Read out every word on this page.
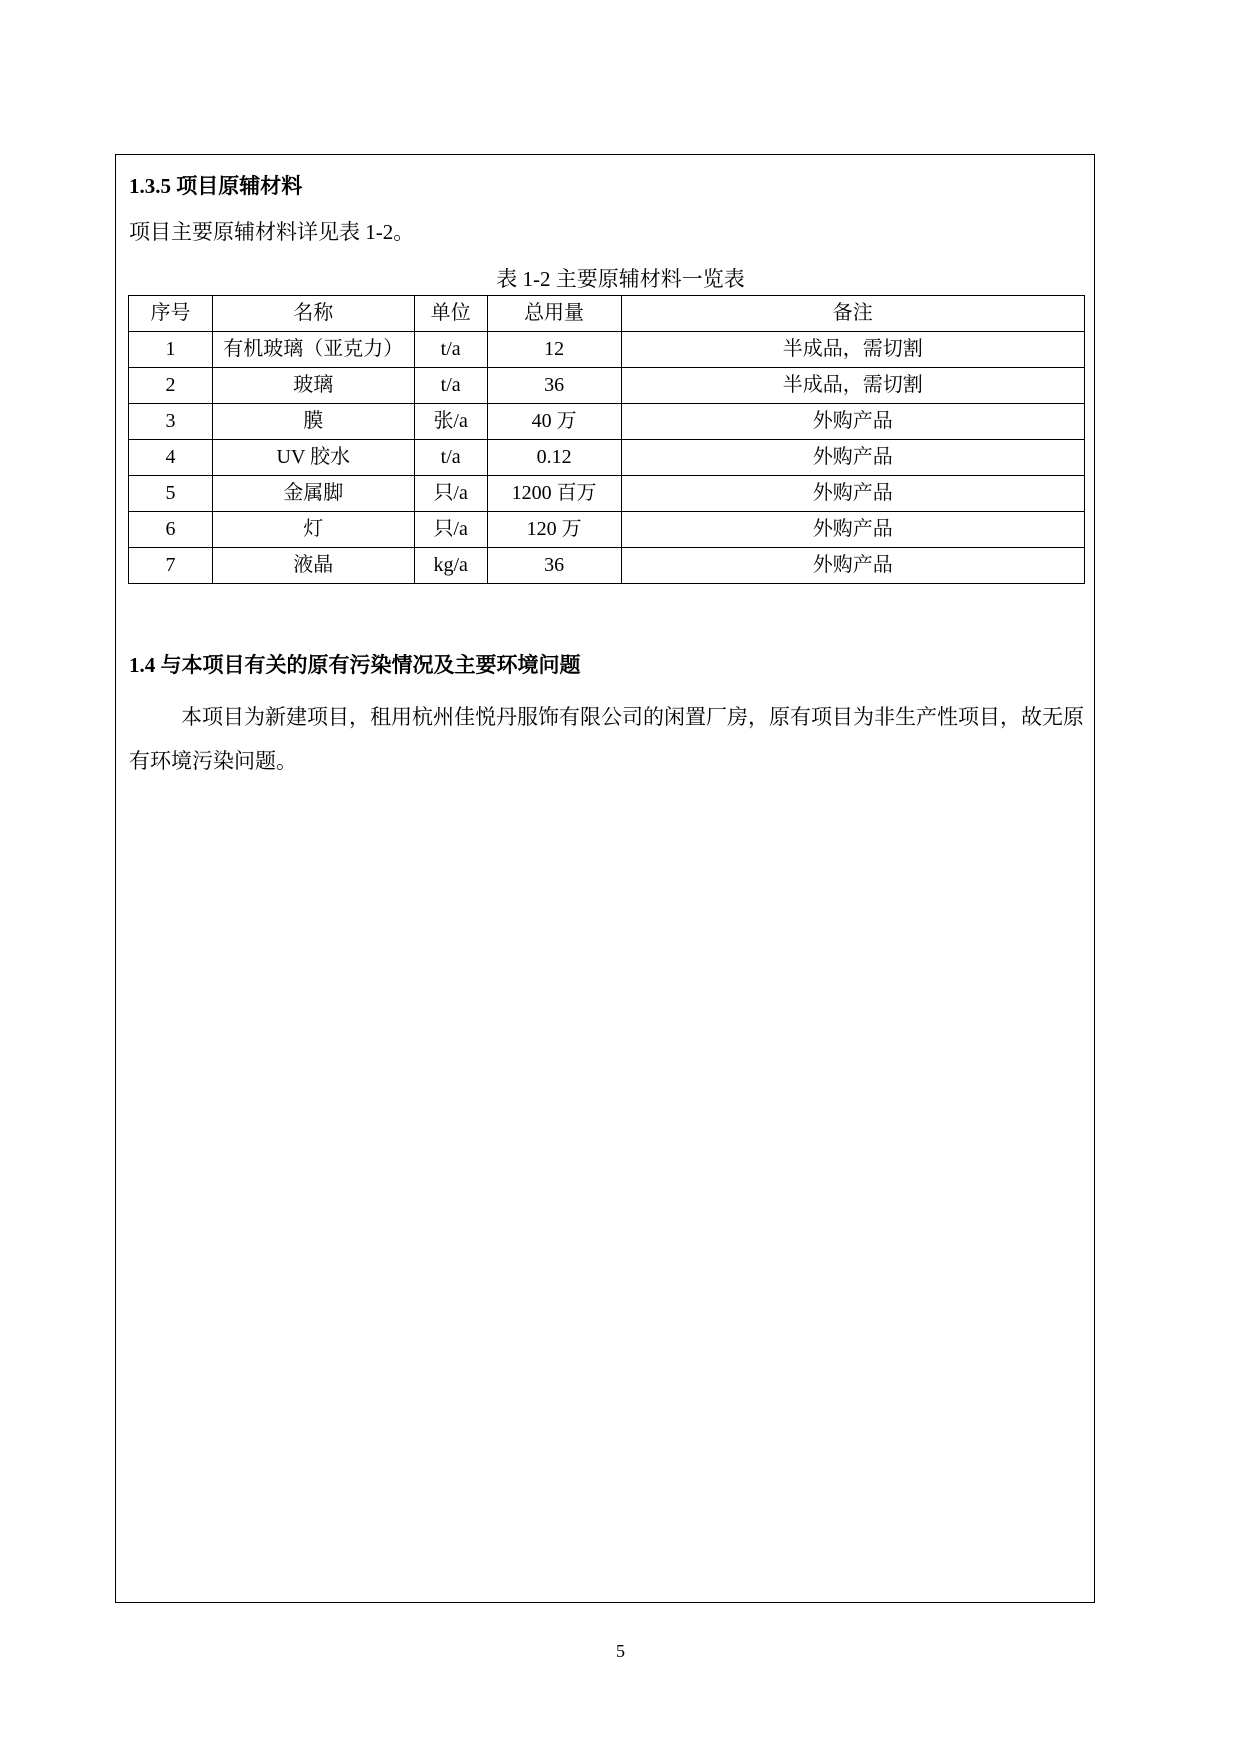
1.3.5 项目原辅材料
项目主要原辅材料详见表 1-2。
表 1-2 主要原辅材料一览表
序号	名称	单位	总用量	备注
1	有机玻璃（亚克力）	t/a	12	半成品，需切割
2	玻璃	t/a	36	半成品，需切割
3	膜	张/a	40 万	外购产品
4	UV 胶水	t/a	0.12	外购产品
5	金属脚	只/a	1200 百万	外购产品
6	灯	只/a	120 万	外购产品
7	液晶	kg/a	36	外购产品
1.4 与本项目有关的原有污染情况及主要环境问题
本项目为新建项目，租用杭州佳悦丹服饰有限公司的闲置厂房，原有项目为非生产性项目，故无原有环境污染问题。
5
